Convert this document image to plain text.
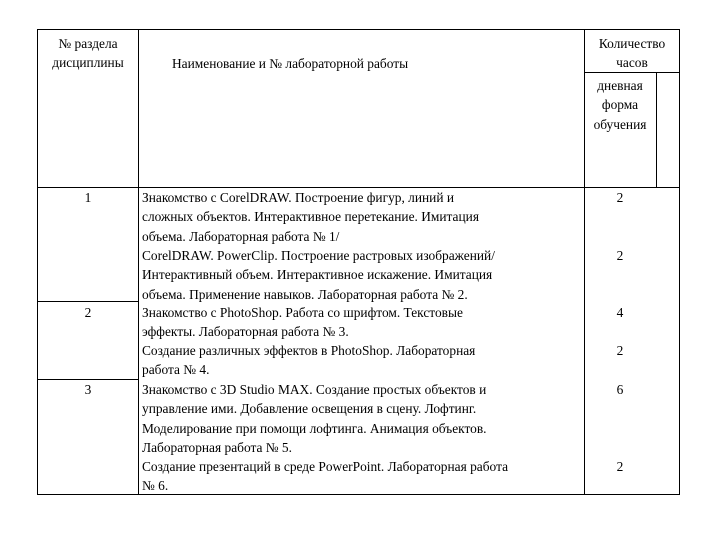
№ раздела
дисциплины	Наименование и № лабораторной работы
Количество
часов
дневная
форма
обучения
1
2
3
Знакомство с CorelDRAW. Построение фигур, линий и
сложных объектов. Интерактивное перетекание. Имитация
объема. Лабораторная работа № 1/
2
CorelDRAW. PowerClip. Построение растровых изображений/
Интерактивный объем. Интерактивное искажение. Имитация
объема. Применение навыков. Лабораторная работа № 2.
2
Знакомство с PhotoShop. Работа со шрифтом. Текстовые
эффекты. Лабораторная работа № 3.
4
Создание различных эффектов в PhotoShop. Лабораторная
работа № 4.
2
Знакомство с 3D Studio MAX. Создание простых объектов и
управление ими. Добавление освещения в сцену. Лофтинг.
Моделирование при помощи лофтинга. Анимация объектов.
Лабораторная работа № 5.
6
Создание презентаций в среде PowerPoint. Лабораторная работа
№ 6.
2
